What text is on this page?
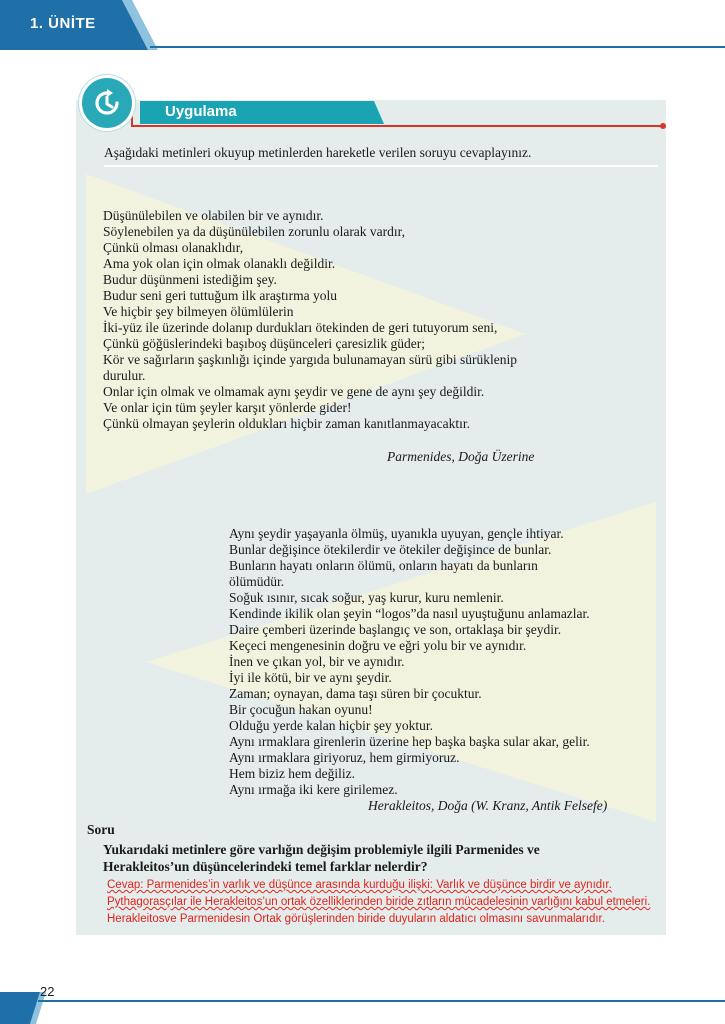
1. ÜNİTE
Uygulama
Aşağıdaki metinleri okuyup metinlerden hareketle verilen soruyu cevaplayınız.
Düşünülebilen ve olabilen bir ve aynıdır.
Söylenebilen ya da düşünülebilen zorunlu olarak vardır,
Çünkü olması olanaklıdır,
Ama yok olan için olmak olanaklı değildir.
Budur düşünmeni istediğim şey.
Budur seni geri tuttuğum ilk araştırma yolu
Ve hiçbir şey bilmeyen ölümlülerin
İki-yüz ile üzerinde dolanıp durdukları ötekinden de geri tutuyorum seni,
Çünkü göğüslerindeki başıboş düşünceleri çaresizlik güder;
Kör ve sağırların şaşkınlığı içinde yargıda bulunamayan sürü gibi sürüklenip durulur.
Onlar için olmak ve olmamak aynı şeydir ve gene de aynı şey değildir.
Ve onlar için tüm şeyler karşıt yönlerde gider!
Çünkü olmayan şeylerin oldukları hiçbir zaman kanıtlanmayacaktır.
Parmenides, Doğa Üzerine
Aynı şeydir yaşayanla ölmüş, uyanıkla uyuyan, gençle ihtiyar.
Bunlar değişince ötekilerdir ve ötekiler değişince de bunlar.
Bunların hayatı onların ölümü, onların hayatı da bunların ölümüdür.
Soğuk ısınır, sıcak soğur, yaş kurur, kuru nemlenir.
Kendinde ikilik olan şeyin “logos”da nasıl uyuştuğunu anlamazlar.
Daire çemberi üzerinde başlangıç ve son, ortaklaşa bir şeydir.
Keçeci mengenesinin doğru ve eğri yolu bir ve aynıdır.
İnen ve çıkan yol, bir ve aynıdır.
İyi ile kötü, bir ve aynı şeydir.
Zaman; oynayan, dama taşı süren bir çocuktur.
Bir çocuğun hakan oyunu!
Olduğu yerde kalan hiçbir şey yoktur.
Aynı ırmaklara girenlerin üzerine hep başka başka sular akar, gelir.
Aynı ırmaklara giriyoruz, hem girmiyoruz.
Hem biziz hem değiliz.
Aynı ırmağa iki kere girilemez.
Herakleitos, Doğa (W. Kranz, Antik Felsefe)
Soru
Yukarıdaki metinlere göre varlığın değişim problemiyle ilgili Parmenides ve Herakleitos’un düşüncelerindeki temel farklar nelerdir?
Cevap: Parmenides’in varlık ve düşünce arasında kurduğu ilişki: Varlık ve düşünce birdir ve aynıdır.
Pythagorasçılar ile Herakleitos’un ortak özelliklerinden biride zıtların mücadelesinin varlığını kabul etmeleri.
Herakleitosve Parmenidesin Ortak görüşlerinden biride duyuların aldatıcı olmasını savunmalarıdır.
22
